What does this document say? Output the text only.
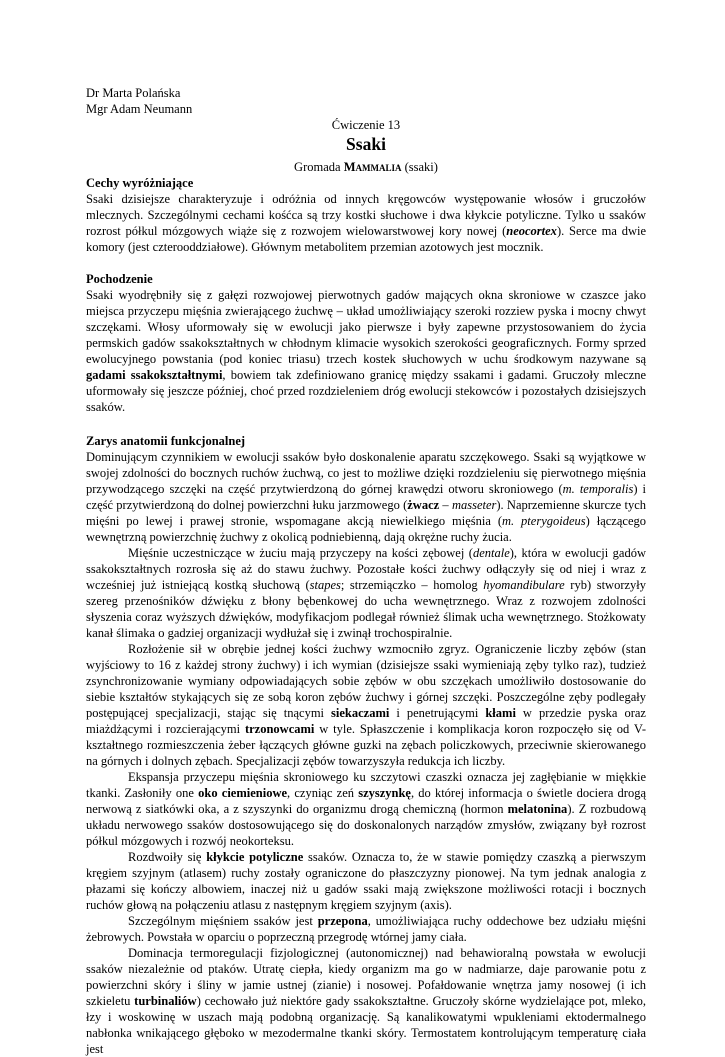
Dr Marta Polańska

Mgr Adam Neumann

Ćwiczenie 13
Ssaki
Gromada Mammalia (ssaki)
Cechy wyróżniające

Ssaki dzisiejsze charakteryzuje i odróżnia od innych kręgowców występowanie włosów i gruczołów mlecznych. Szczególnymi cechami kośćca są trzy kostki słuchowe i dwa kłykcie potyliczne. Tylko u ssaków rozrost półkul mózgowych wiąże się z rozwojem wielowarstwowej kory nowej (neocortex). Serce ma dwie komory (jest czterooddziałowe). Głównym metabolitem przemian azotowych jest mocznik.

Pochodzenie

Ssaki wyodrębniły się z gałęzi rozwojowej pierwotnych gadów mających okna skroniowe w czaszce jako miejsca przyczepu mięśnia zwierającego żuchwę – układ umożliwiający szeroki rozziew pyska i mocny chwyt szczękami. Włosy uformowały się w ewolucji jako pierwsze i były zapewne przystosowaniem do życia permskich gadów ssakokształtnych w chłodnym klimacie wysokich szerokości geograficznych. Formy sprzed ewolucyjnego powstania (pod koniec triasu) trzech kostek słuchowych w uchu środkowym nazywane są gadami ssakokształtnymi, bowiem tak zdefiniowano granicę między ssakami i gadami. Gruczoły mleczne uformowały się jeszcze później, choć przed rozdzieleniem dróg ewolucji stekowców i pozostałych dzisiejszych ssaków.

Zarys anatomii funkcjonalnej

Dominującym czynnikiem w ewolucji ssaków było doskonalenie aparatu szczękowego. Ssaki są wyjątkowe w swojej zdolności do bocznych ruchów żuchwą, co jest to możliwe dzięki rozdzieleniu się pierwotnego mięśnia przywodzącego szczęki na część przytwierdzoną do górnej krawędzi otworu skroniowego (m. temporalis) i część przytwierdzoną do dolnej powierzchni łuku jarzmowego (żwacz – masseter). Naprzemienne skurcze tych mięśni po lewej i prawej stronie, wspomagane akcją niewielkiego mięśnia (m. pterygoideus) łączącego wewnętrzną powierzchnię żuchwy z okolicą podniebienną, dają okrężne ruchy żucia.

Mięśnie uczestniczące w żuciu mają przyczepy na kości zębowej (dentale), która w ewolucji gadów ssakokształtnych rozrosła się aż do stawu żuchwy. Pozostałe kości żuchwy odłączyły się od niej i wraz z wcześniej już istniejącą kostką słuchową (stapes; strzemiączko – homolog hyomandibulare ryb) stworzyły szereg przenośników dźwięku z błony bębenkowej do ucha wewnętrznego. Wraz z rozwojem zdolności słyszenia coraz wyższych dźwięków, modyfikacjom podlegał również ślimak ucha wewnętrznego. Stożkowaty kanał ślimaka o gadziej organizacji wydłużał się i zwinął trochospiralnie.

Rozłożenie sił w obrębie jednej kości żuchwy wzmocniło zgryz. Ograniczenie liczby zębów (stan wyjściowy to 16 z każdej strony żuchwy) i ich wymian (dzisiejsze ssaki wymieniają zęby tylko raz), tudzież zsynchronizowanie wymiany odpowiadających sobie zębów w obu szczękach umożliwiło dostosowanie do siebie kształtów stykających się ze sobą koron zębów żuchwy i górnej szczęki. Poszczególne zęby podlegały postępującej specjalizacji, stając się tnącymi siekaczami i penetrującymi kłami w przedzie pyska oraz miażdżącymi i rozcierającymi trzonowcami w tyle. Spłaszczenie i komplikacja koron rozpoczęło się od V-kształtnego rozmieszczenia żeber łączących główne guzki na zębach policzkowych, przeciwnie skierowanego na górnych i dolnych zębach. Specjalizacji zębów towarzyszyła redukcja ich liczby.

Ekspansja przyczepu mięśnia skroniowego ku szczytowi czaszki oznacza jej zagłębianie w miękkie tkanki. Zasłoniły one oko ciemieniowe, czyniąc zeń szyszynkę, do której informacja o świetle dociera drogą nerwową z siatkówki oka, a z szyszynki do organizmu drogą chemiczną (hormon melatonina). Z rozbudową układu nerwowego ssaków dostosowującego się do doskonalonych narządów zmysłów, związany był rozrost półkul mózgowych i rozwój neokorteksu.

Rozdwoiły się kłykcie potyliczne ssaków. Oznacza to, że w stawie pomiędzy czaszką a pierwszym kręgiem szyjnym (atlasem) ruchy zostały ograniczone do płaszczyzny pionowej. Na tym jednak analogia z płazami się kończy albowiem, inaczej niż u gadów ssaki mają zwiększone możliwości rotacji i bocznych ruchów głową na połączeniu atlasu z następnym kręgiem szyjnym (axis).

Szczególnym mięśniem ssaków jest przepona, umożliwiająca ruchy oddechowe bez udziału mięśni żebrowych. Powstała w oparciu o poprzeczną przegrodę wtórnej jamy ciała.

Dominacja termoregulacji fizjologicznej (autonomicznej) nad behawioralną powstała w ewolucji ssaków niezależnie od ptaków. Utratę ciepła, kiedy organizm ma go w nadmiarze, daje parowanie potu z powierzchni skóry i śliny w jamie ustnej (zianie) i nosowej. Pofałdowanie wnętrza jamy nosowej (i ich szkieletu turbinaliów) cechowało już niektóre gady ssakokształtne. Gruczoły skórne wydzielające pot, mleko, łzy i woskowinę w uszach mają podobną organizację. Są kanalikowatymi wpukleniami ektodermalnego nabłonka wnikającego głęboko w mezodermalne tkanki skóry. Termostatem kontrolującym temperaturę ciała jest
